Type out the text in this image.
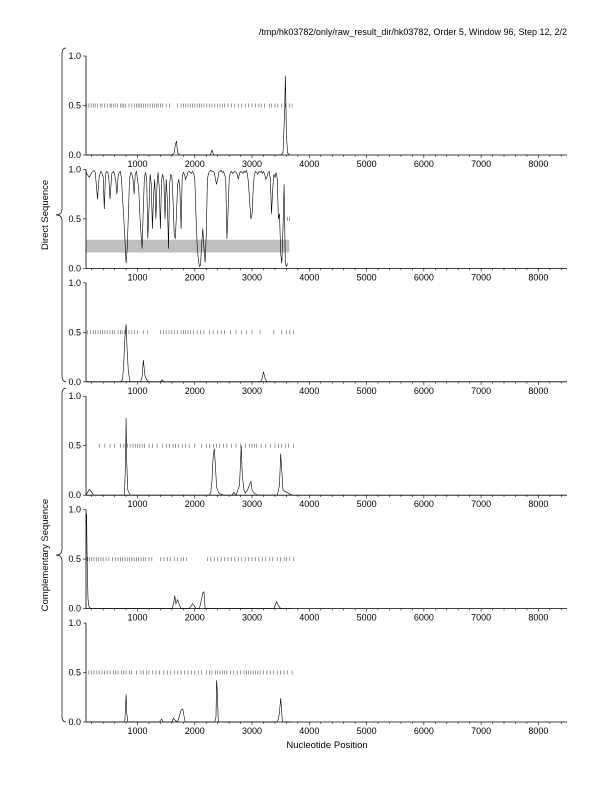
/tmp/hk03782/only/raw_result_dir/hk03782, Order 5, Window 96, Step 12, 2/2
0.0
0.5
1.0
1000	2000	3000	4000	5000	6000	7000	8000
0.0
0.5
1.0
1000	2000	3000	4000	5000	6000	7000	8000
0.0
0.5
1.0
1000	2000	3000	4000	5000	6000	7000	8000
0.0
0.5
1.0
1000	2000	3000	4000	5000	6000	7000	8000
0.0
0.5
1.0
1000	2000	3000	4000	5000	6000	7000	8000
0.0
0.5
1.0
1000	2000	3000	4000	5000	6000	7000	8000
Nucleotide Position
Direct Sequence
Complementary Sequence
